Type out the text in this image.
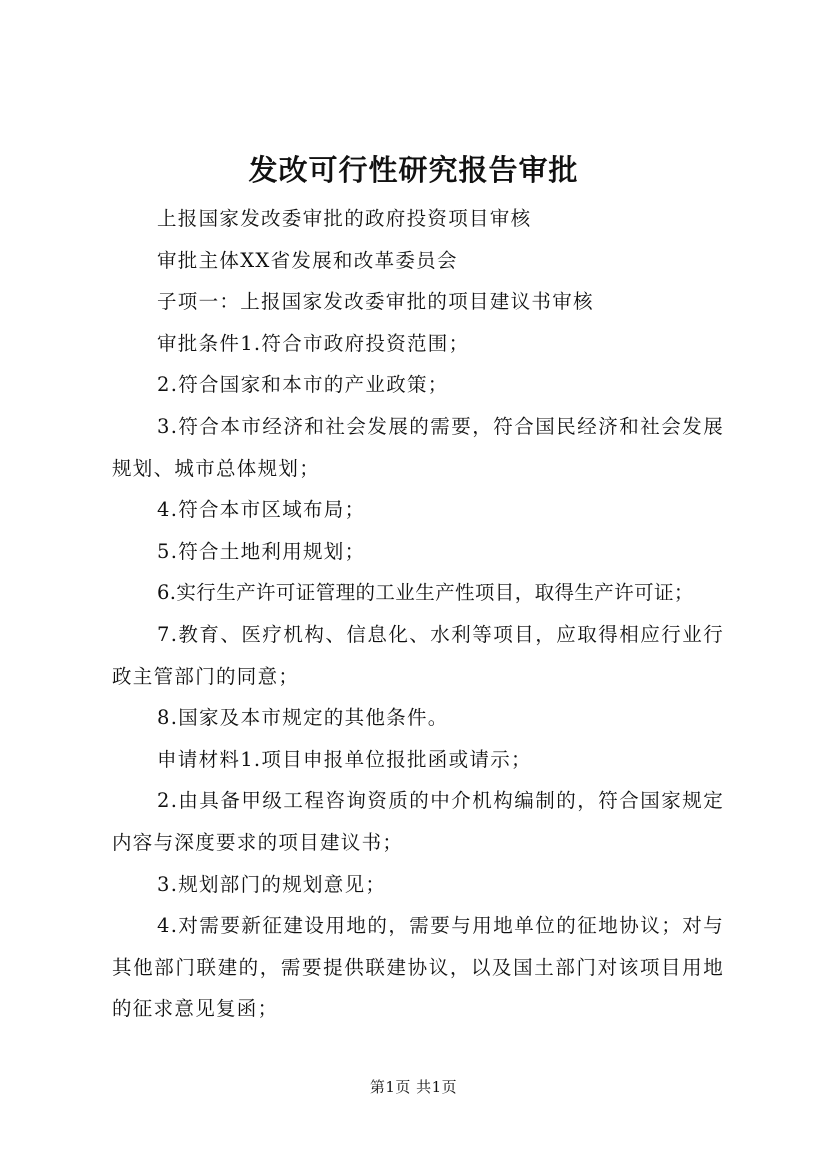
发改可行性研究报告审批

上报国家发改委审批的政府投资项目审核

审批主体XX省发展和改革委员会

子项一：上报国家发改委审批的项目建议书审核

审批条件1.符合市政府投资范围；

2.符合国家和本市的产业政策；

3.符合本市经济和社会发展的需要，符合国民经济和社会发展规划、城市总体规划；

4.符合本市区域布局；

5.符合土地利用规划；

6.实行生产许可证管理的工业生产性项目，取得生产许可证；

7.教育、医疗机构、信息化、水利等项目，应取得相应行业行政主管部门的同意；

8.国家及本市规定的其他条件。

申请材料1.项目申报单位报批函或请示；

2.由具备甲级工程咨询资质的中介机构编制的，符合国家规定内容与深度要求的项目建议书；

3.规划部门的规划意见；

4.对需要新征建设用地的，需要与用地单位的征地协议；对与其他部门联建的，需要提供联建协议，以及国土部门对该项目用地的征求意见复函；

第1页 共1页
